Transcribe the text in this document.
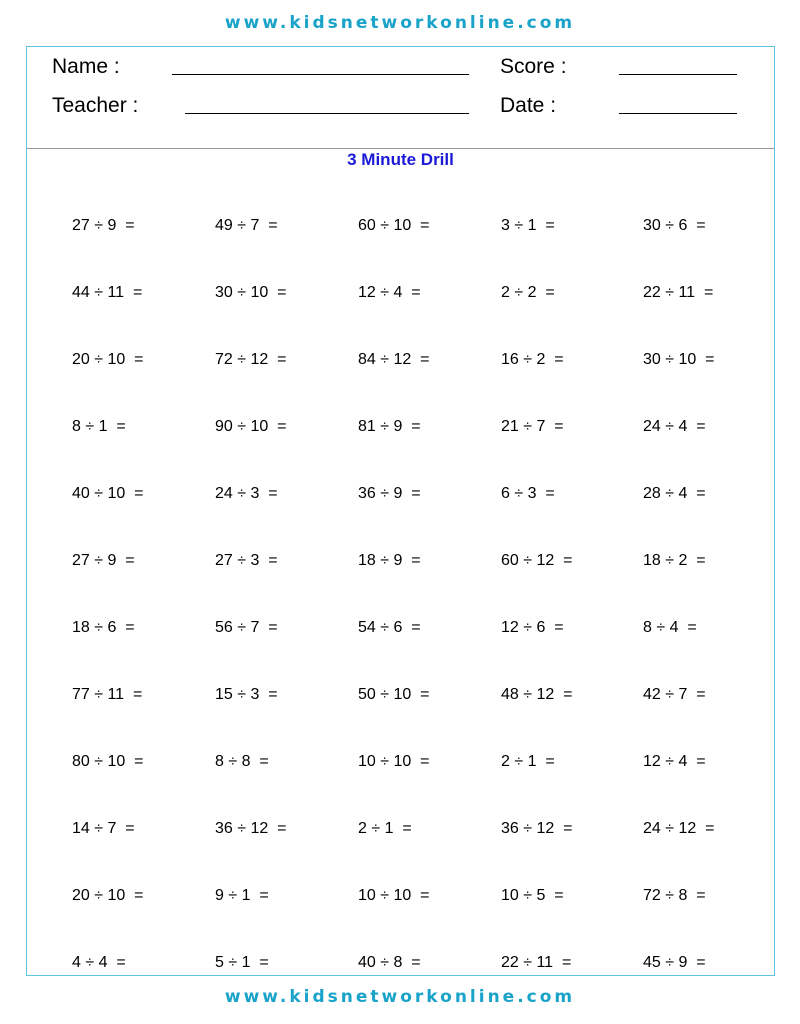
www.kidsnetworkonline.com
Name :
Teacher :
Score :
Date :
3 Minute Drill
27 ÷ 9  =	49 ÷ 7  =	60 ÷ 10  =	3 ÷ 1  =	30 ÷ 6  =
44 ÷ 11  =	30 ÷ 10  =	12 ÷ 4  =	2 ÷ 2  =	22 ÷ 11  =
20 ÷ 10  =	72 ÷ 12  =	84 ÷ 12  =	16 ÷ 2  =	30 ÷ 10  =
8 ÷ 1  =	90 ÷ 10  =	81 ÷ 9  =	21 ÷ 7  =	24 ÷ 4  =
40 ÷ 10  =	24 ÷ 3  =	36 ÷ 9  =	6 ÷ 3  =	28 ÷ 4  =
27 ÷ 9  =	27 ÷ 3  =	18 ÷ 9  =	60 ÷ 12  =	18 ÷ 2  =
18 ÷ 6  =	56 ÷ 7  =	54 ÷ 6  =	12 ÷ 6  =	8 ÷ 4  =
77 ÷ 11  =	15 ÷ 3  =	50 ÷ 10  =	48 ÷ 12  =	42 ÷ 7  =
80 ÷ 10  =	8 ÷ 8  =	10 ÷ 10  =	2 ÷ 1  =	12 ÷ 4  =
14 ÷ 7  =	36 ÷ 12  =	2 ÷ 1  =	36 ÷ 12  =	24 ÷ 12  =
20 ÷ 10  =	9 ÷ 1  =	10 ÷ 10  =	10 ÷ 5  =	72 ÷ 8  =
4 ÷ 4  =	5 ÷ 1  =	40 ÷ 8  =	22 ÷ 11  =	45 ÷ 9  =
www.kidsnetworkonline.com
